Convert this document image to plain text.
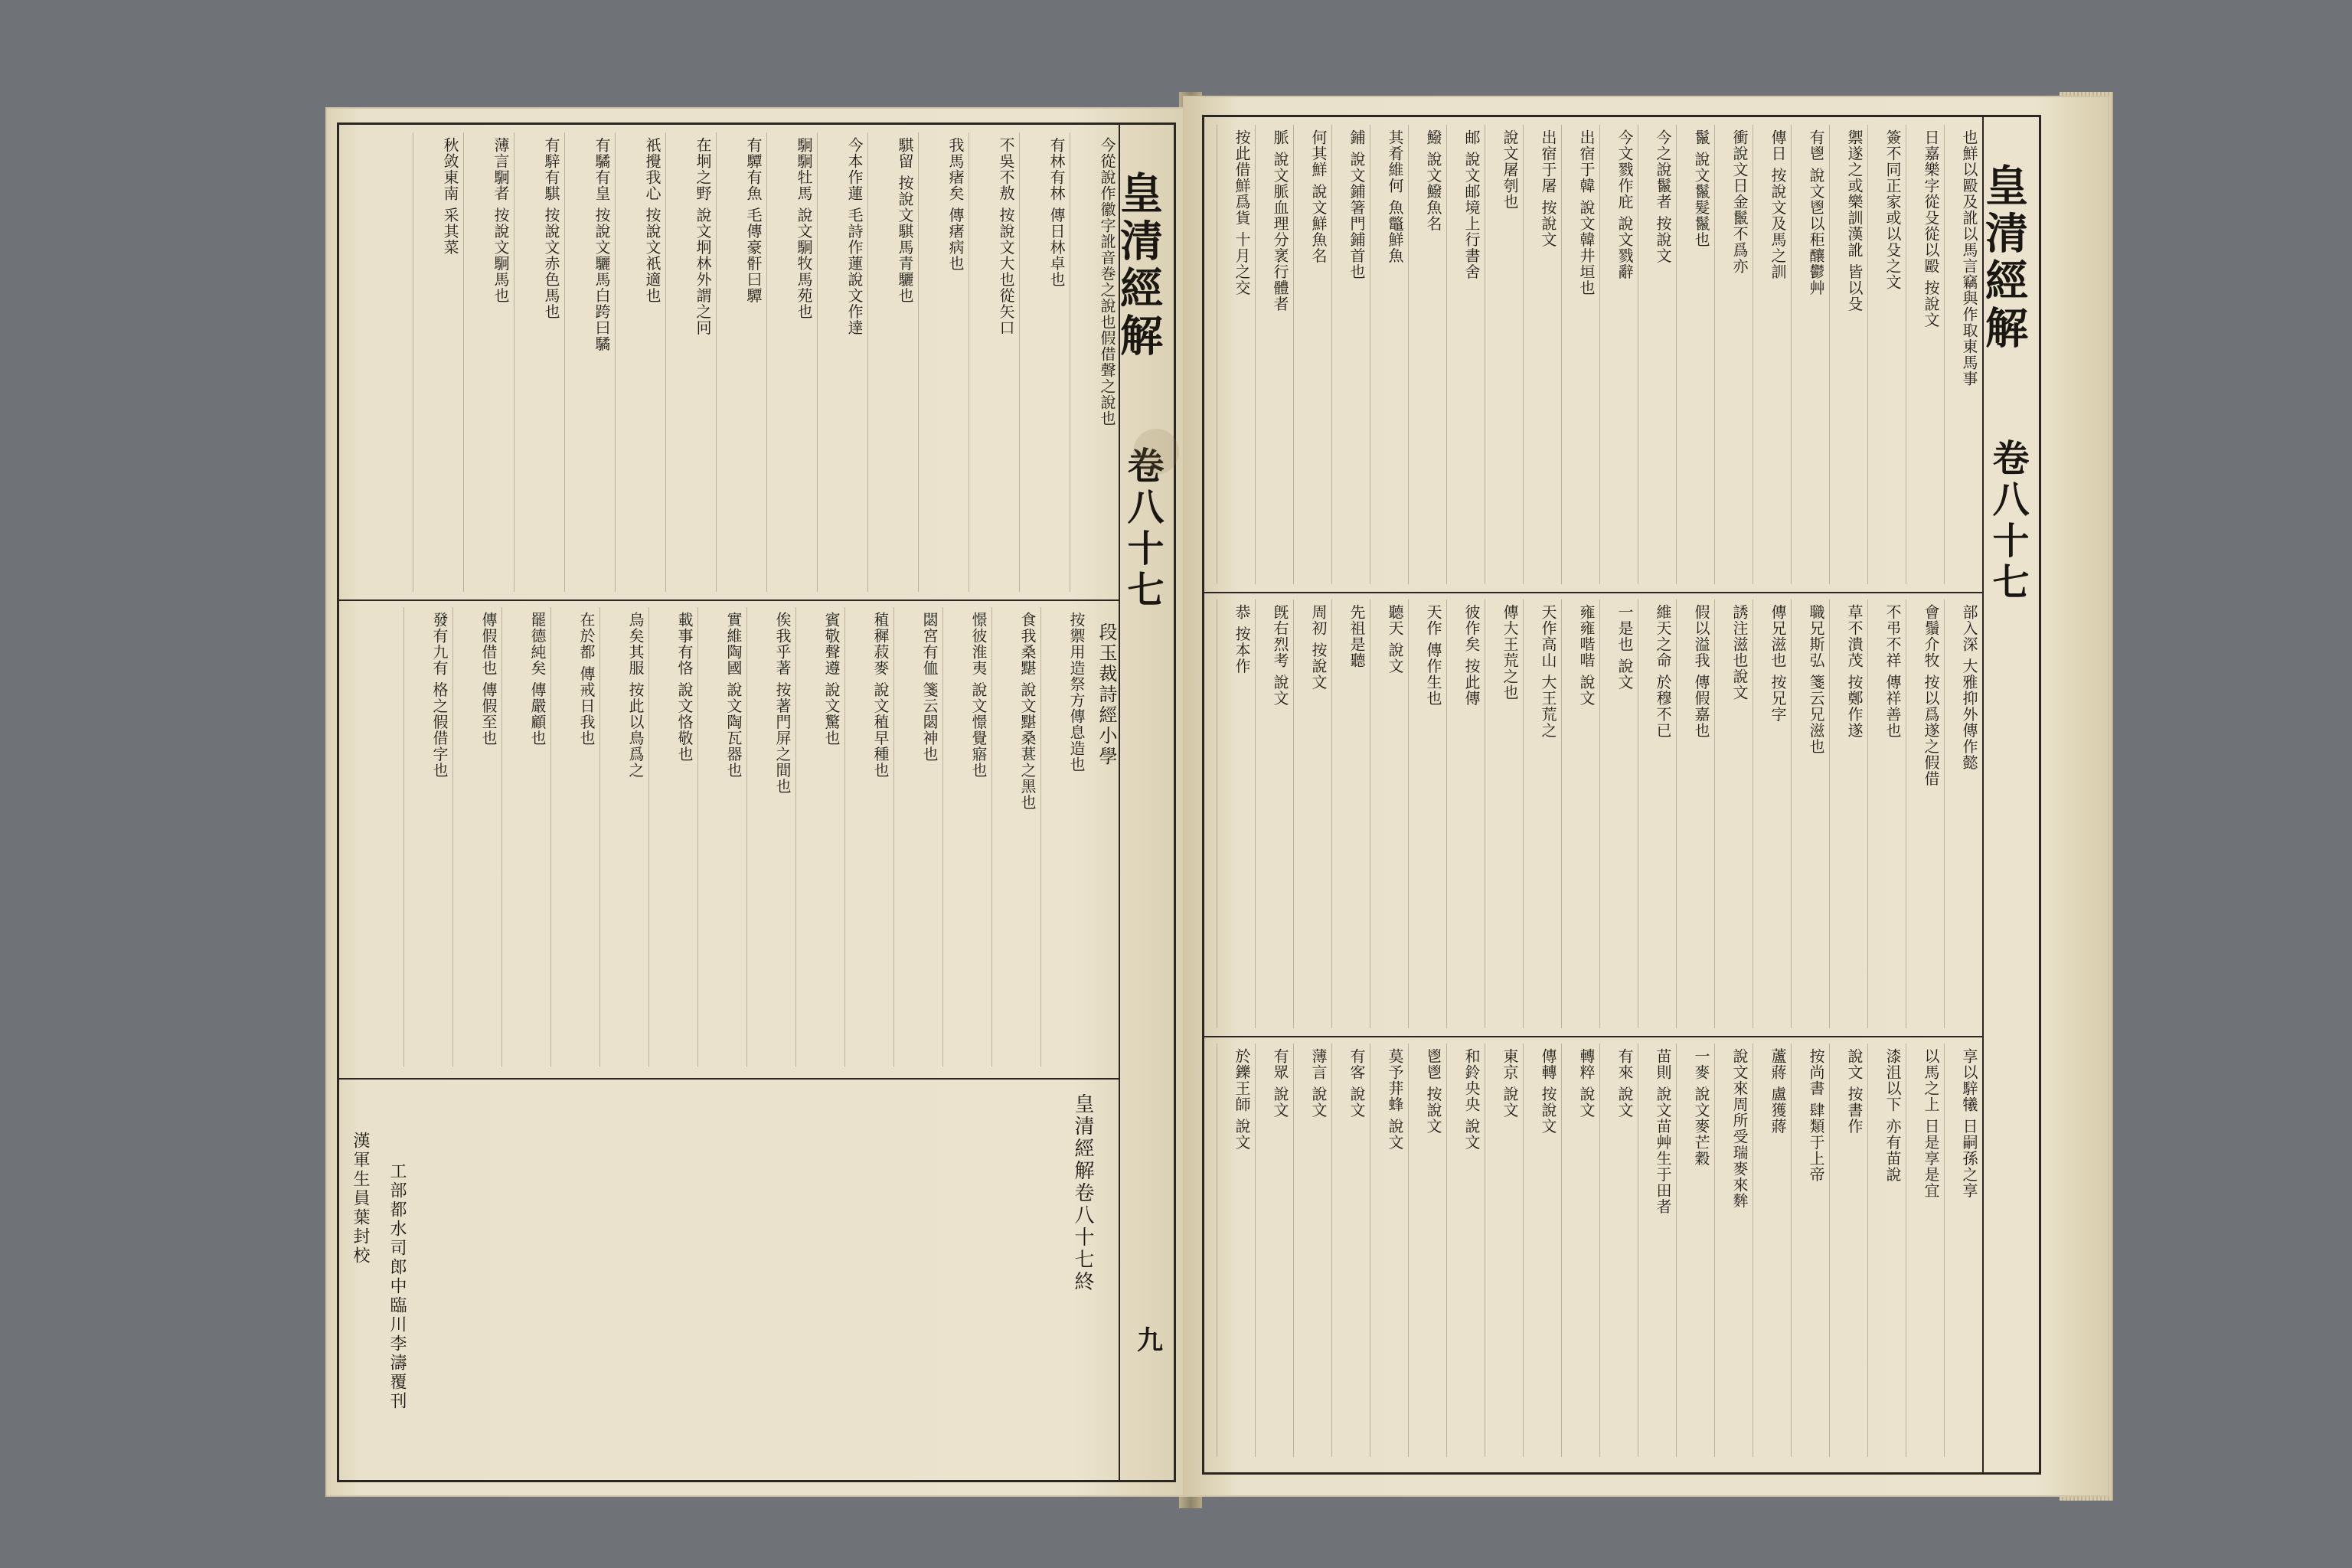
皇清經解
卷八十七
九
段玉裁詩經小學
今從說作徽字訛音巻之說也假借聲之說也
有林有林 傳日林卓也
不吳不敖 按說文大也從矢口
我馬瘏矣 傳瘏病也
騏留 按說文騏馬青驪也
今本作蓮 毛詩作蓮說文作達
駉駉牡馬 說文駉牧馬苑也
有驔有魚 毛傳豪骭曰驔
在坰之野 說文坰林外謂之冋
祇攪我心 按說文祇適也
有驈有皇 按說文驪馬白跨曰驈
有騂有騏 按說文赤色馬也
薄言駉者 按說文駉馬也
秋敛東南 采其菜
按禦用造祭方傳息造也
食我桑黮 說文黮桑葚之黑也
憬彼淮夷 說文憬覺寤也
閟宮有侐 箋云閟神也
稙穉菽麥 說文稙早種也
賓敬聲遵 說文驚也
俟我乎著 按著門屏之間也
實維陶國 說文陶瓦器也
載事有恪 說文恪敬也
烏矣其服 按此以鳥爲之
在於都 傳戒日我也
罷德純矣 傳嚴顧也
傳假借也 傳假至也
發有九有 格之假借字也
皇清經解卷八十七終
漢軍生員葉封校 工部都水司郎中臨川李濤覆刊
皇清經解
卷八十七
也鮮以毆及訛以馬言竊與作取東馬事
日嘉樂字從殳從以毆 按說文
簽不同正家或以殳之文
禦遂之或樂訓漢訛 皆以殳
有鬯 說文鬯以秬釀鬱艸
傳日 按說文及馬之訓
衝說文日金鬛不爲亦
鬣 說文鬣髮鬣也
今之說鬣者 按說文
今文戮作庇 說文戮辭
出宿于韓 說文韓井垣也
出宿于屠 按說文
說文屠刳也
邮 說文邮境上行書舍
鱍 說文鱍魚名
其肴維何 魚鼈鮮魚
鋪 說文鋪箸門鋪首也
何其鮮 說文鮮魚名
脈 說文脈血理分衺行體者
按此借鮮爲貨 十月之交
部入深 大雅抑外傳作懿
會鬚介牧 按以爲遂之假借
不弔不祥 傳祥善也
草不潰茂 按鄭作遂
職兄斯弘 箋云兄滋也
傳兄滋也 按兄字
誘注滋也說文
假以溢我 傳假嘉也
維天之命 於穆不已
一是也 說文
雍雍喈喈 說文
天作高山 大王荒之
傳大王荒之也
彼作矣 按此傳
天作 傳作生也
聽天 說文
先祖是聽
周初 按說文
旣右烈考 說文
恭 按本作
享以騂犧 日嗣孫之享
以馬之上 日是享是宜
漆沮以下 亦有苗說
說文 按書作
按尚書 肆類于上帝
蘆蔣 盧獲蔣
說文來周所受瑞麥來麰
一麥 說文麥芒穀
苗則 說文苗艸生于田者
有來 說文
轉粹 說文
傳轉 按說文
東京 說文
和鈴央央 說文
鬯鬯 按說文
莫予荓蜂 說文
有客 說文
薄言 說文
有眾 說文
於鑠王師 說文
